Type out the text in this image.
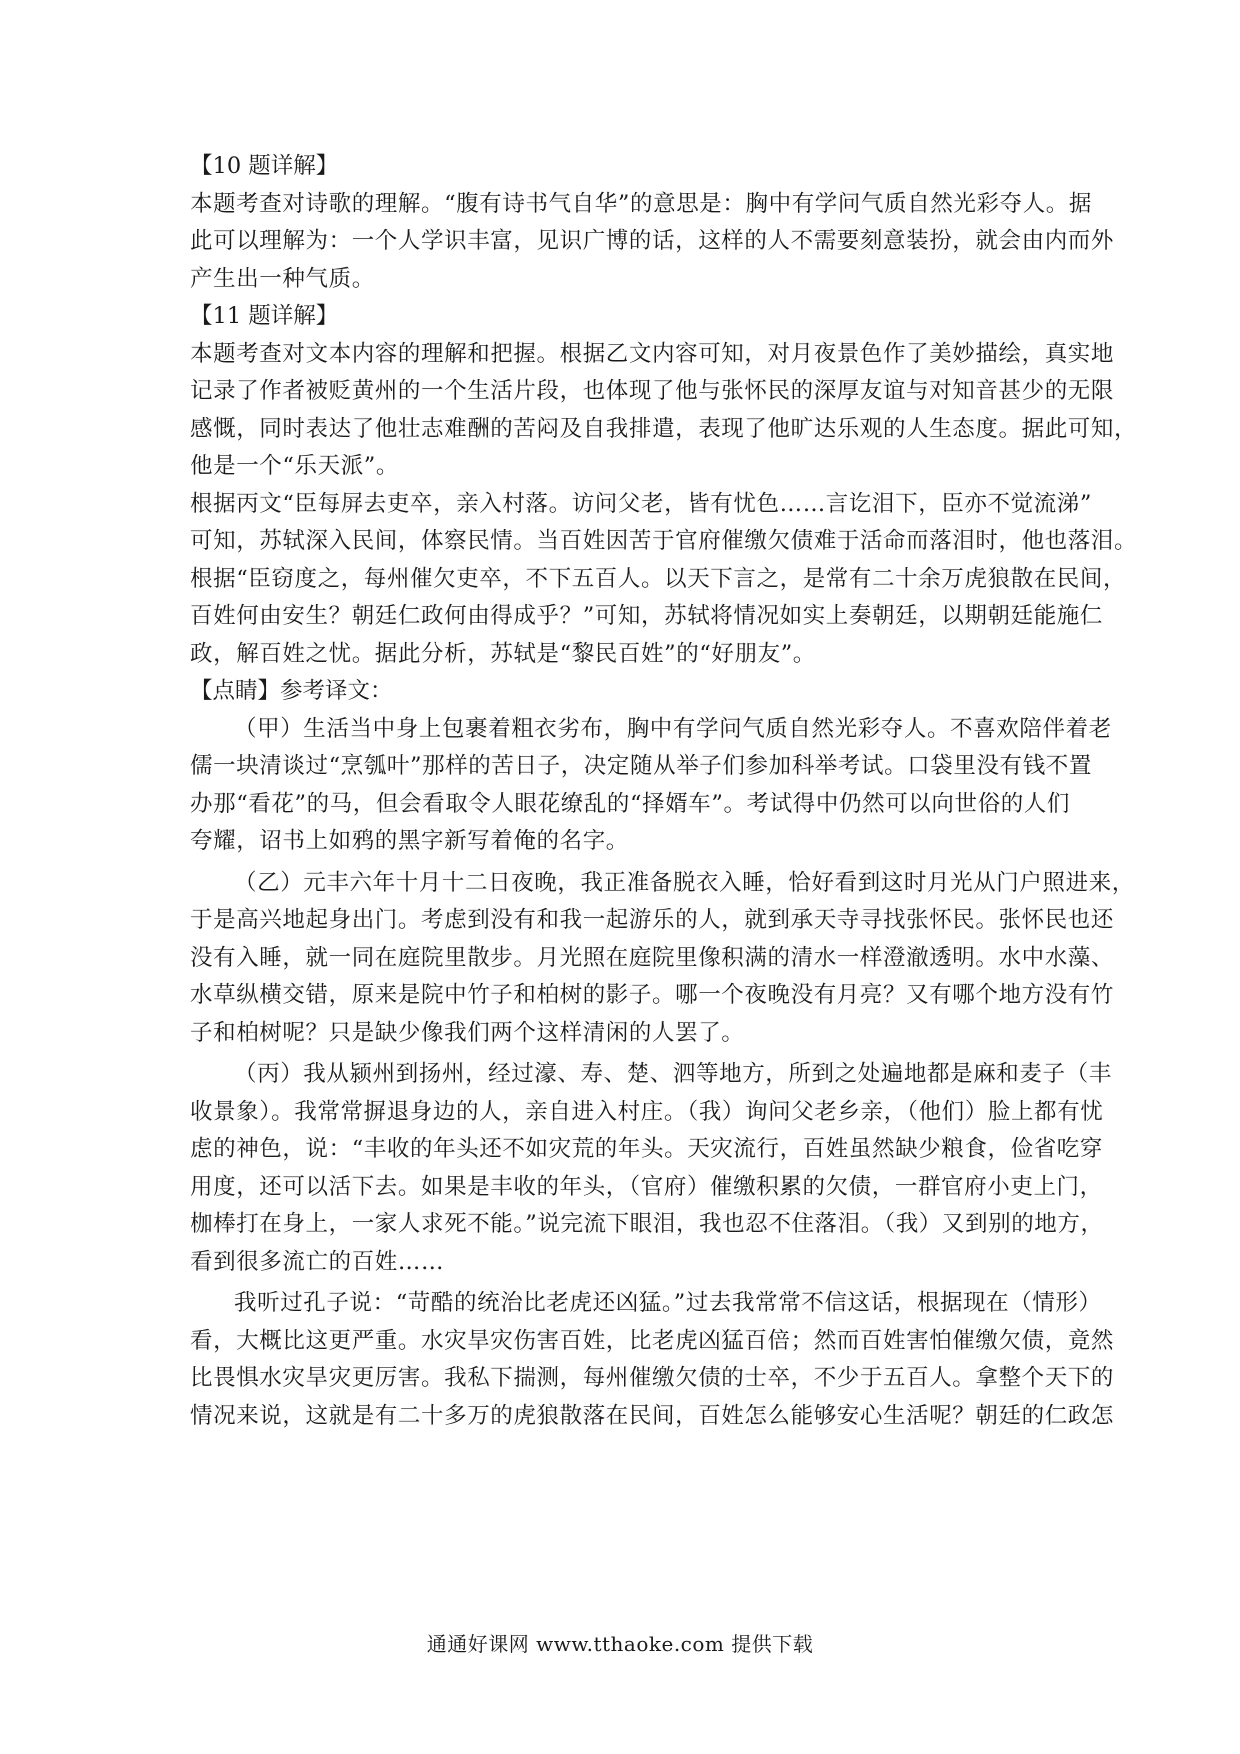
【10 题详解】
本题考查对诗歌的理解。“腹有诗书气自华”的意思是：胸中有学问气质自然光彩夺人。据
此可以理解为：一个人学识丰富，见识广博的话，这样的人不需要刻意装扮，就会由内而外
产生出一种气质。
【11 题详解】
本题考查对文本内容的理解和把握。根据乙文内容可知，对月夜景色作了美妙描绘，真实地
记录了作者被贬黄州的一个生活片段，也体现了他与张怀民的深厚友谊与对知音甚少的无限
感慨，同时表达了他壮志难酬的苦闷及自我排遣，表现了他旷达乐观的人生态度。据此可知，
他是一个“乐天派”。
根据丙文“臣每屏去吏卒，亲入村落。访问父老，皆有忧色……言讫泪下，臣亦不觉流涕”
可知，苏轼深入民间，体察民情。当百姓因苦于官府催缴欠债难于活命而落泪时，他也落泪。
根据“臣窃度之，每州催欠吏卒，不下五百人。以天下言之，是常有二十余万虎狼散在民间，
百姓何由安生？朝廷仁政何由得成乎？”可知，苏轼将情况如实上奏朝廷，以期朝廷能施仁
政，解百姓之忧。据此分析，苏轼是“黎民百姓”的“好朋友”。
【点睛】参考译文：
（甲）生活当中身上包裹着粗衣劣布，胸中有学问气质自然光彩夺人。不喜欢陪伴着老
儒一块清谈过“烹瓠叶”那样的苦日子，决定随从举子们参加科举考试。口袋里没有钱不置
办那“看花”的马，但会看取令人眼花缭乱的“择婿车”。考试得中仍然可以向世俗的人们
夸耀，诏书上如鸦的黑字新写着俺的名字。
（乙）元丰六年十月十二日夜晚，我正准备脱衣入睡，恰好看到这时月光从门户照进来，
于是高兴地起身出门。考虑到没有和我一起游乐的人，就到承天寺寻找张怀民。张怀民也还
没有入睡，就一同在庭院里散步。月光照在庭院里像积满的清水一样澄澈透明。水中水藻、
水草纵横交错，原来是院中竹子和柏树的影子。哪一个夜晚没有月亮？又有哪个地方没有竹
子和柏树呢？只是缺少像我们两个这样清闲的人罢了。
（丙）我从颍州到扬州，经过濠、寿、楚、泗等地方，所到之处遍地都是麻和麦子（丰
收景象）。我常常摒退身边的人，亲自进入村庄。（我）询问父老乡亲，（他们）脸上都有忧
虑的神色，说：“丰收的年头还不如灾荒的年头。天灾流行，百姓虽然缺少粮食，俭省吃穿
用度，还可以活下去。如果是丰收的年头，（官府）催缴积累的欠债，一群官府小吏上门，
枷棒打在身上，一家人求死不能。”说完流下眼泪，我也忍不住落泪。（我）又到别的地方，
看到很多流亡的百姓……
我听过孔子说：“苛酷的统治比老虎还凶猛。”过去我常常不信这话，根据现在（情形）
看，大概比这更严重。水灾旱灾伤害百姓，比老虎凶猛百倍；然而百姓害怕催缴欠债，竟然
比畏惧水灾旱灾更厉害。我私下揣测，每州催缴欠债的士卒，不少于五百人。拿整个天下的
情况来说，这就是有二十多万的虎狼散落在民间，百姓怎么能够安心生活呢？朝廷的仁政怎
通通好课网 www.tthaoke.com 提供下载
